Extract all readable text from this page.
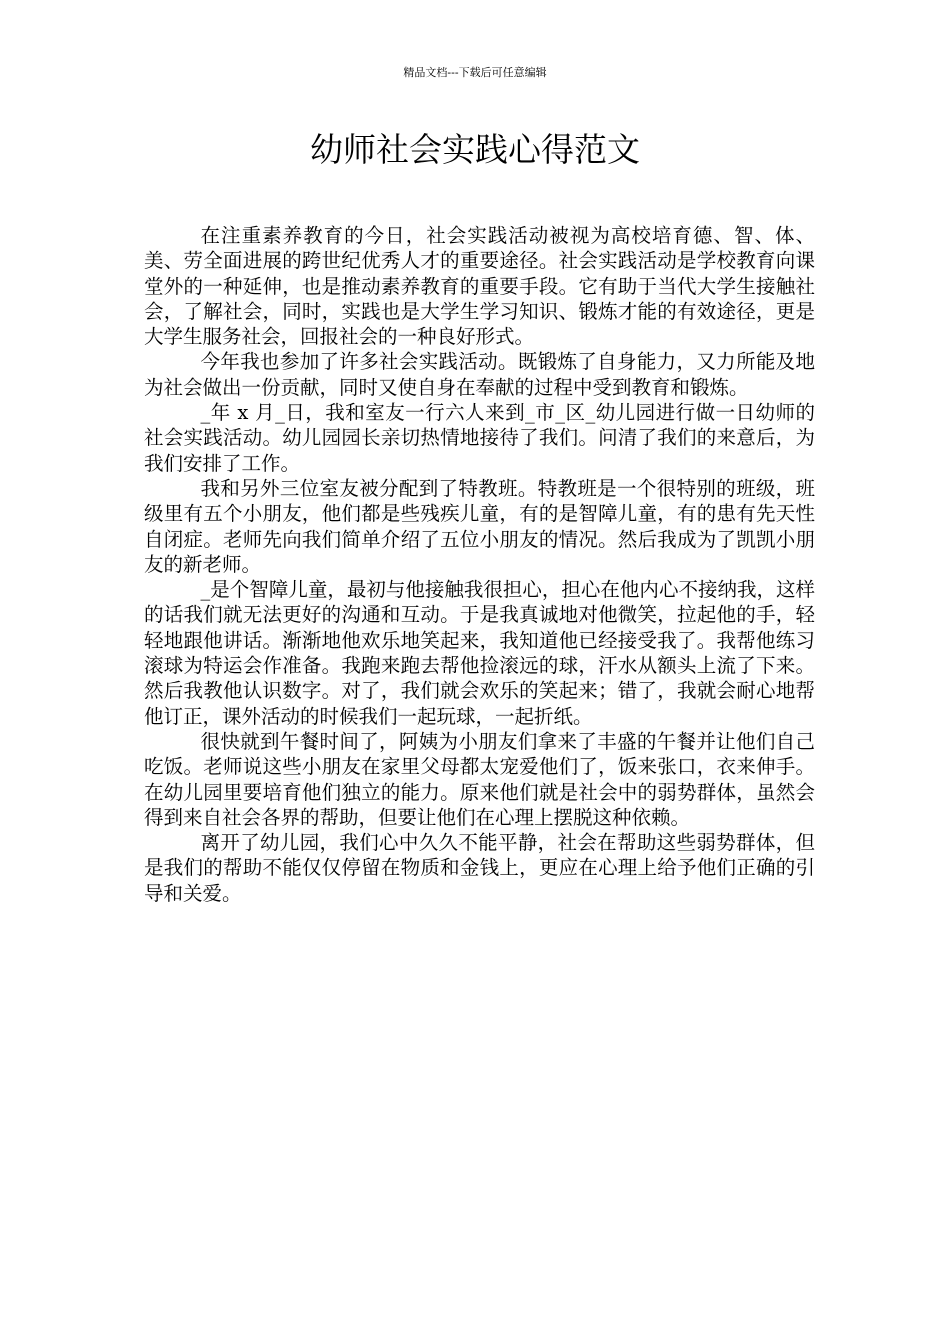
精品文档---下载后可任意编辑
幼师社会实践心得范文

在注重素养教育的今日，社会实践活动被视为高校培育德、智、体、美、劳全面进展的跨世纪优秀人才的重要途径。社会实践活动是学校教育向课堂外的一种延伸，也是推动素养教育的重要手段。它有助于当代大学生接触社会，了解社会，同时，实践也是大学生学习知识、锻炼才能的有效途径，更是大学生服务社会，回报社会的一种良好形式。

今年我也参加了许多社会实践活动。既锻炼了自身能力，又力所能及地为社会做出一份贡献，同时又使自身在奉献的过程中受到教育和锻炼。

_年 x 月_日，我和室友一行六人来到_市_区_幼儿园进行做一日幼师的社会实践活动。幼儿园园长亲切热情地接待了我们。问清了我们的来意后，为我们安排了工作。

我和另外三位室友被分配到了特教班。特教班是一个很特别的班级，班级里有五个小朋友，他们都是些残疾儿童，有的是智障儿童，有的患有先天性自闭症。老师先向我们简单介绍了五位小朋友的情况。然后我成为了凯凯小朋友的新老师。

_是个智障儿童，最初与他接触我很担心，担心在他内心不接纳我，这样的话我们就无法更好的沟通和互动。于是我真诚地对他微笑，拉起他的手，轻轻地跟他讲话。渐渐地他欢乐地笑起来，我知道他已经接受我了。我帮他练习滚球为特运会作准备。我跑来跑去帮他捡滚远的球，汗水从额头上流了下来。然后我教他认识数字。对了，我们就会欢乐的笑起来；错了，我就会耐心地帮他订正，课外活动的时候我们一起玩球，一起折纸。

很快就到午餐时间了，阿姨为小朋友们拿来了丰盛的午餐并让他们自己吃饭。老师说这些小朋友在家里父母都太宠爱他们了，饭来张口，衣来伸手。在幼儿园里要培育他们独立的能力。原来他们就是社会中的弱势群体，虽然会得到来自社会各界的帮助，但要让他们在心理上摆脱这种依赖。

离开了幼儿园，我们心中久久不能平静，社会在帮助这些弱势群体，但是我们的帮助不能仅仅停留在物质和金钱上，更应在心理上给予他们正确的引导和关爱。
